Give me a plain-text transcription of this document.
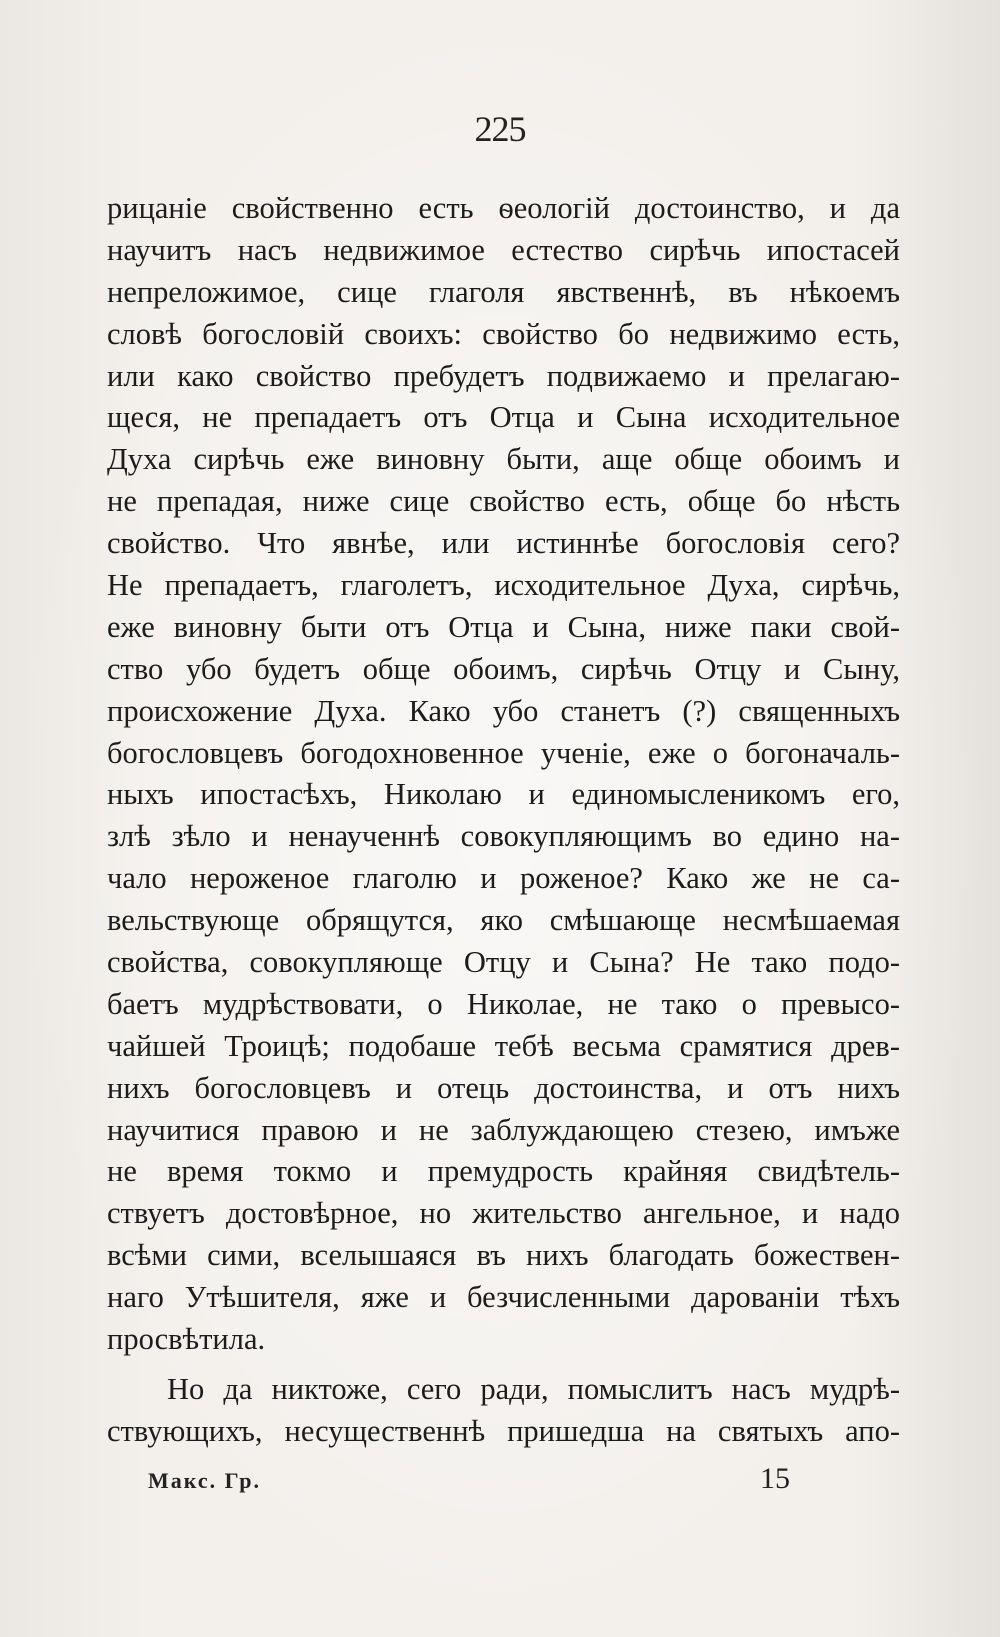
225
рицаніе свойственно есть ѳеологій достоинство, и да
научитъ насъ недвижимое естество сирѣчь ипостасей
непреложимое, сице глаголя явственнѣ, въ нѣкоемъ
словѣ богословій своихъ: свойство бо недвижимо есть,
или како свойство пребудетъ подвижаемо и прелагаю-
щеся, не препадаетъ отъ Отца и Сына исходительное
Духа сирѣчь еже виновну быти, аще обще обоимъ и
не препадая, ниже сице свойство есть, обще бо нѣсть
свойство. Что явнѣе, или истиннѣе богословія сего?
Не препадаетъ, глаголетъ, исходительное Духа, сирѣчь,
еже виновну быти отъ Отца и Сына, ниже паки свой-
ство убо будетъ обще обоимъ, сирѣчь Отцу и Сыну,
происхожение Духа. Како убо станетъ (?) священныхъ
богословцевъ богодохновенное ученіе, еже о богоначаль-
ныхъ ипостасѣхъ, Николаю и единомысленикомъ его,
злѣ зѣло и ненаученнѣ совокупляющимъ во едино на-
чало нероженое глаголю и роженое? Како же не са-
вельствующе обрящутся, яко смѣшающе несмѣшаемая
свойства, совокупляюще Отцу и Сына? Не тако подо-
баетъ мудрѣствовати, о Николае, не тако о превысо-
чайшей Троицѣ; подобаше тебѣ весьма срамятися древ-
нихъ богословцевъ и отець достоинства, и отъ нихъ
научитися правою и не заблуждающею стезею, имъже
не время токмо и премудрость крайняя свидѣтель-
ствуетъ достовѣрное, но жительство ангельное, и надо
всѣми сими, вселышаяся въ нихъ благодать божествен-
наго Утѣшителя, яже и безчисленными дарованіи тѣхъ
просвѣтила.
Но да никтоже, сего ради, помыслитъ насъ мудрѣ-
ствующихъ, несущественнѣ пришедша на святыхъ апо-
Макс. Гр.	15
